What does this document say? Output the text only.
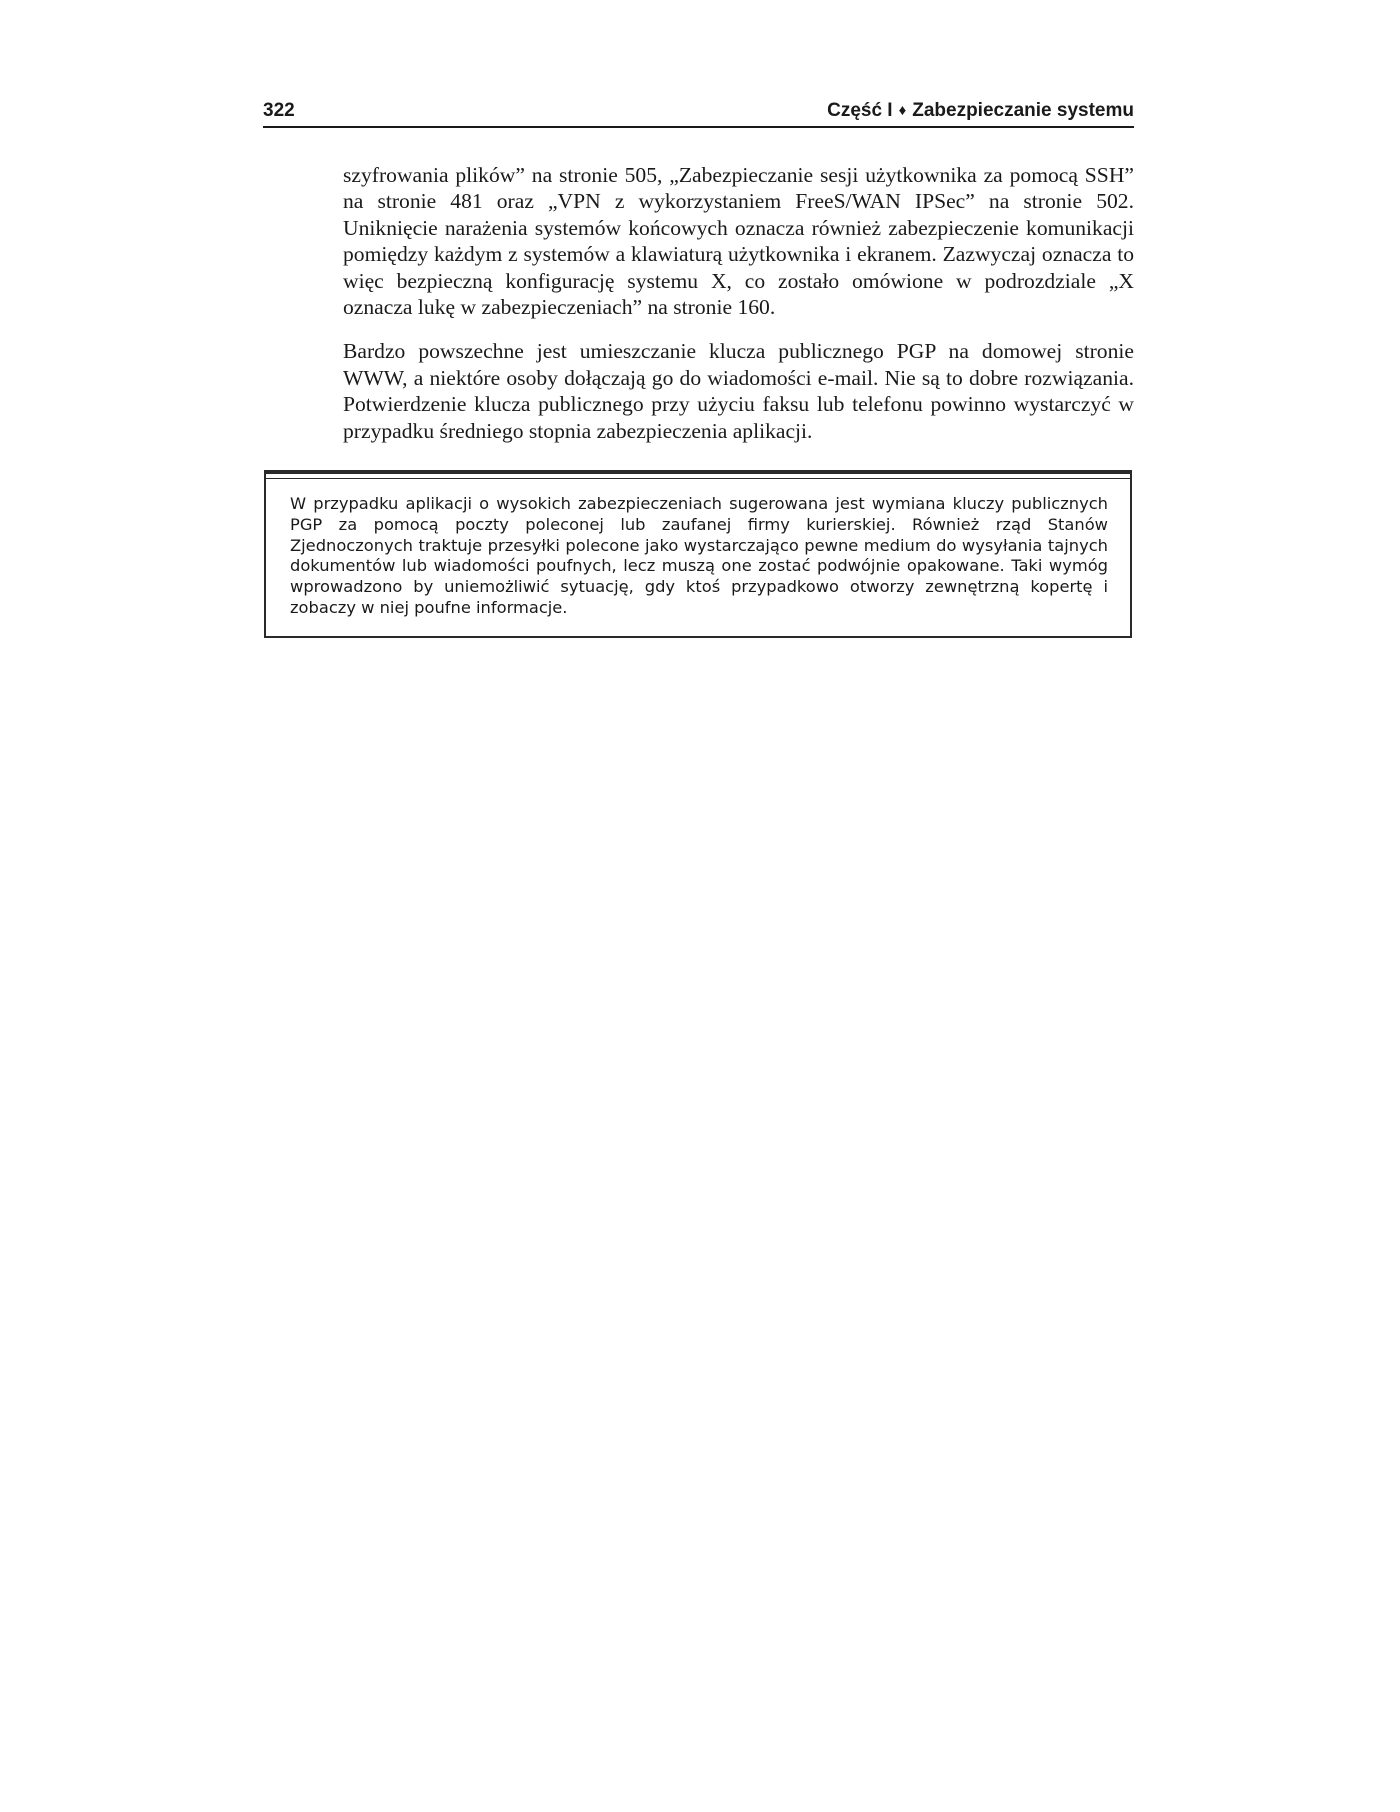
322	Część I ♦ Zabezpieczanie systemu

szyfrowania plików” na stronie 505, „Zabezpieczanie sesji użytkownika za pomocą SSH” na stronie 481 oraz „VPN z wykorzystaniem FreeS/WAN IPSec” na stronie 502. Uniknięcie narażenia systemów końcowych oznacza również zabezpieczenie komunikacji pomiędzy każdym z systemów a klawiaturą użytkownika i ekranem. Zazwyczaj oznacza to więc bezpieczną konfigurację systemu X, co zostało omówione w podrozdziale „X oznacza lukę w zabezpieczeniach” na stronie 160.

Bardzo powszechne jest umieszczanie klucza publicznego PGP na domowej stronie WWW, a niektóre osoby dołączają go do wiadomości e-mail. Nie są to dobre rozwiązania. Potwierdzenie klucza publicznego przy użyciu faksu lub telefonu powinno wystarczyć w przypadku średniego stopnia zabezpieczenia aplikacji.

W przypadku aplikacji o wysokich zabezpieczeniach sugerowana jest wymiana kluczy publicznych PGP za pomocą poczty poleconej lub zaufanej firmy kurierskiej. Również rząd Stanów Zjednoczonych traktuje przesyłki polecone jako wystarczająco pewne medium do wysyłania tajnych dokumentów lub wiadomości poufnych, lecz muszą one zostać podwójnie opakowane. Taki wymóg wprowadzono by uniemożliwić sytuację, gdy ktoś przypadkowo otworzy zewnętrzną kopertę i zobaczy w niej poufne informacje.
